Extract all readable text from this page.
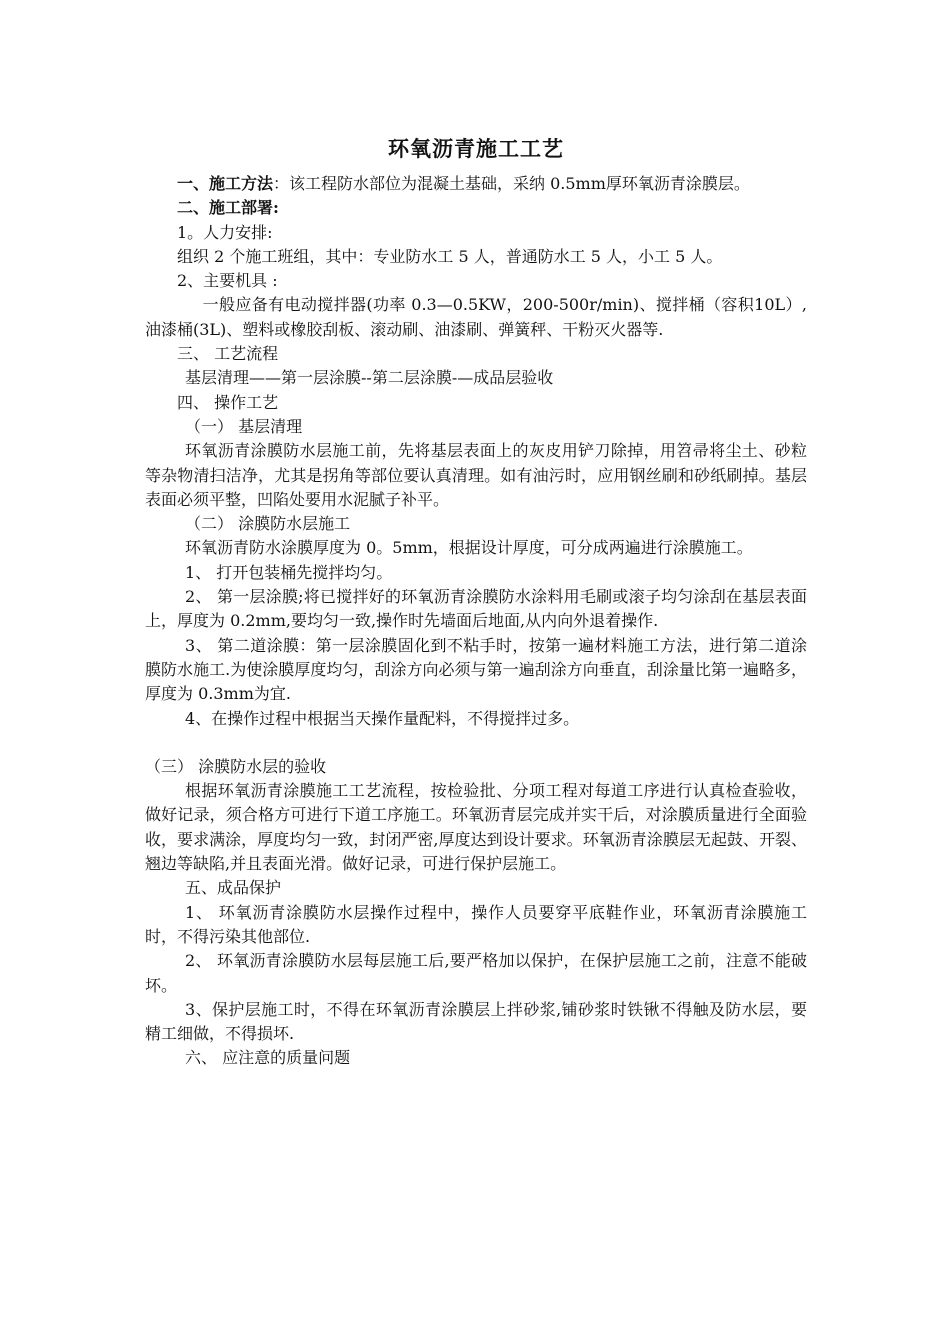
环氧沥青施工工艺

一、施工方法：该工程防水部位为混凝土基础，采纳 0.5mm厚环氧沥青涂膜层。

二、施工部署:

1。人力安排:

组织 2 个施工班组，其中：专业防水工 5 人，普通防水工 5 人，小工 5 人。

2、主要机具 :

一般应备有电动搅拌器(功率 0.3—0.5KW，200-500r/min)、搅拌桶（容积10L）,油漆桶(3L)、塑料或橡胶刮板、滚动刷、油漆刷、弹簧秤、干粉灭火器等.

三、 工艺流程

基层清理——第一层涂膜--第二层涂膜-—成品层验收

四、 操作工艺

（一） 基层清理

环氧沥青涂膜防水层施工前，先将基层表面上的灰皮用铲刀除掉，用笤帚将尘土、砂粒等杂物清扫洁净，尤其是拐角等部位要认真清理。如有油污时，应用钢丝刷和砂纸刷掉。基层表面必须平整，凹陷处要用水泥腻子补平。

（二） 涂膜防水层施工

环氧沥青防水涂膜厚度为 0。5mm，根据设计厚度，可分成两遍进行涂膜施工。

1、 打开包装桶先搅拌均匀。

2、 第一层涂膜;将已搅拌好的环氧沥青涂膜防水涂料用毛刷或滚子均匀涂刮在基层表面上，厚度为 0.2mm,要均匀一致,操作时先墙面后地面,从内向外退着操作.

3、 第二道涂膜：第一层涂膜固化到不粘手时，按第一遍材料施工方法，进行第二道涂膜防水施工.为使涂膜厚度均匀，刮涂方向必须与第一遍刮涂方向垂直，刮涂量比第一遍略多，厚度为 0.3mm为宜.

4、在操作过程中根据当天操作量配料，不得搅拌过多。

（三） 涂膜防水层的验收

根据环氧沥青涂膜施工工艺流程，按检验批、分项工程对每道工序进行认真检查验收，做好记录，须合格方可进行下道工序施工。环氧沥青层完成并实干后，对涂膜质量进行全面验收，要求满涂，厚度均匀一致，封闭严密,厚度达到设计要求。环氧沥青涂膜层无起鼓、开裂、翘边等缺陷,并且表面光滑。做好记录，可进行保护层施工。

五、成品保护

1、 环氧沥青涂膜防水层操作过程中，操作人员要穿平底鞋作业，环氧沥青涂膜施工时，不得污染其他部位.

2、 环氧沥青涂膜防水层每层施工后,要严格加以保护，在保护层施工之前，注意不能破坏。

3、保护层施工时，不得在环氧沥青涂膜层上拌砂浆,铺砂浆时铁锹不得触及防水层，要精工细做，不得损坏.

六、 应注意的质量问题
